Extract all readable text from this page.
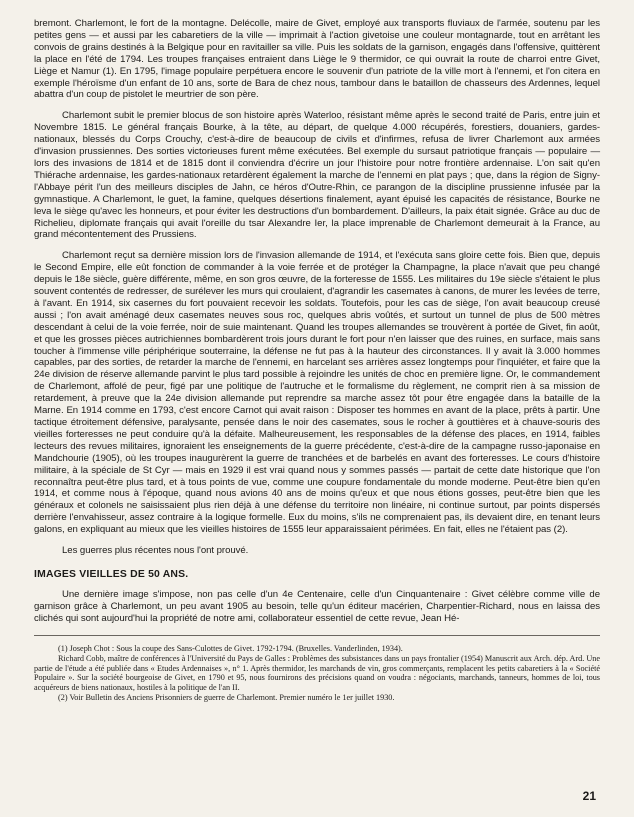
bremont. Charlemont, le fort de la montagne. Delécolle, maire de Givet, employé aux transports fluviaux de l'armée, soutenu par les petites gens — et aussi par les cabaretiers de la ville — imprimait à l'action givetoise une couleur montagnarde, tout en arrêtant les convois de grains destinés à la Belgique pour en ravitailler sa ville. Puis les soldats de la garnison, engagés dans l'offensive, quittèrent la place en l'été de 1794. Les troupes françaises entraient dans Liège le 9 thermidor, ce qui ouvrait la route de charroi entre Givet, Liège et Namur (1). En 1795, l'image populaire perpétuera encore le souvenir d'un patriote de la ville mort à l'ennemi, et l'on citera en exemple l'héroïsme d'un enfant de 10 ans, sorte de Bara de chez nous, tambour dans le bataillon de chasseurs des Ardennes, lequel abattra d'un coup de pistolet le meurtrier de son père.

Charlemont subit le premier blocus de son histoire après Waterloo, résistant même après le second traité de Paris, entre juin et Novembre 1815. Le général français Bourke, à la tête, au départ, de quelque 4.000 récupérés, forestiers, douaniers, gardes-nationaux, blessés du Corps Crouchy, c'est-à-dire de beaucoup de civils et d'infirmes, refusa de livrer Charlemont aux armées d'invasion prussiennes. Des sorties victorieuses furent même exécutées. Bel exemple du sursaut patriotique français — populaire — lors des invasions de 1814 et de 1815 dont il conviendra d'écrire un jour l'histoire pour notre frontière ardennaise. L'on sait qu'en Thiérache ardennaise, les gardes-nationaux retardèrent également la marche de l'ennemi en plat pays ; que, dans la région de Signy-l'Abbaye périt l'un des meilleurs disciples de Jahn, ce héros d'Outre-Rhin, ce parangon de la discipline prussienne infusée par la gymnastique. A Charlemont, le guet, la famine, quelques désertions finalement, ayant épuisé les capacités de résistance, Bourke ne leva le siège qu'avec les honneurs, et pour éviter les destructions d'un bombardement. D'ailleurs, la paix était signée. Grâce au duc de Richelieu, diplomate français qui avait l'oreille du tsar Alexandre Ier, la place imprenable de Charlemont demeurait à la France, au grand mécontentement des Prussiens.

Charlemont reçut sa dernière mission lors de l'invasion allemande de 1914, et l'exécuta sans gloire cette fois. Bien que, depuis le Second Empire, elle eût fonction de commander à la voie ferrée et de protéger la Champagne, la place n'avait que peu changé depuis le 18e siècle, guère différente, même, en son gros œuvre, de la forteresse de 1555. Les militaires du 19e siècle s'étaient le plus souvent contentés de redresser, de surélever les murs qui croulaient, d'agrandir les casemates à canons, de murer les levées de terre, à l'avant. En 1914, six casernes du fort pouvaient recevoir les soldats. Toutefois, pour les cas de siège, l'on avait beaucoup creusé aussi ; l'on avait aménagé deux casemates neuves sous roc, quelques abris voûtés, et surtout un tunnel de plus de 500 mètres descendant à celui de la voie ferrée, noir de suie maintenant. Quand les troupes allemandes se trouvèrent à portée de Givet, fin août, et que les grosses pièces autrichiennes bombardèrent trois jours durant le fort pour n'en laisser que des ruines, en surface, mais sans toucher à l'immense ville périphérique souterraine, la défense ne fut pas à la hauteur des circonstances. Il y avait là 3.000 hommes capables, par des sorties, de retarder la marche de l'ennemi, en harcelant ses arrières assez longtemps pour l'inquiéter, et faire que la 24e division de réserve allemande parvint le plus tard possible à rejoindre les unités de choc en première ligne. Or, le commandement de Charlemont, affolé de peur, figé par une politique de l'autruche et le formalisme du règlement, ne comprit rien à sa mission de retardement, à preuve que la 24e division allemande put reprendre sa marche assez tôt pour être engagée dans la bataille de la Marne. En 1914 comme en 1793, c'est encore Carnot qui avait raison : Disposer tes hommes en avant de la place, prêts à partir. Une tactique étroitement défensive, paralysante, pensée dans le noir des casemates, sous le rocher à gouttières et à chauve-souris des vieilles forteresses ne peut conduire qu'à la défaite. Malheureusement, les responsables de la défense des places, en 1914, faibles lecteurs des revues militaires, ignoraient les enseignements de la guerre précédente, c'est-à-dire de la campagne russo-japonaise en Mandchourie (1905), où les troupes inaugurèrent la guerre de tranchées et de barbelés en avant des forteresses. Le cours d'histoire militaire, à la spéciale de St Cyr — mais en 1929 il est vrai quand nous y sommes passés — partait de cette date historique que l'on reconnaîtra peut-être plus tard, et à tous points de vue, comme une coupure fondamentale du monde moderne. Peut-être bien qu'en 1914, et comme nous à l'époque, quand nous avions 40 ans de moins qu'eux et que nous étions gosses, peut-être bien que les généraux et colonels ne saisissaient plus rien déjà à une défense du territoire non linéaire, ni continue surtout, par points dispersés derrière l'envahisseur, assez contraire à la logique formelle. Eux du moins, s'ils ne comprenaient pas, ils devaient dire, en tenant leurs galons, en expliquant au mieux que les vieilles histoires de 1555 leur apparaissaient périmées. En fait, elles ne l'étaient pas (2).

Les guerres plus récentes nous l'ont prouvé.

IMAGES VIEILLES DE 50 ANS.

Une dernière image s'impose, non pas celle d'un 4e Centenaire, celle d'un Cinquantenaire : Givet célèbre comme ville de garnison grâce à Charlemont, un peu avant 1905 au besoin, telle qu'un éditeur macérien, Charpentier-Richard, nous en laissa des clichés qui sont aujourd'hui la propriété de notre ami, collaborateur essentiel de cette revue, Jean Hé-

(1) Joseph Chot : Sous la coupe des Sans-Culottes de Givet. 1792-1794. (Bruxelles. Vanderlinden, 1934).

Richard Cobb, maître de conférences à l'Université du Pays de Galles : Problèmes des subsistances dans un pays frontalier (1954) Manuscrit aux Arch. dép. Ard. Une partie de l'étude a été publiée dans « Etudes Ardennaises », n° 1. Après thermidor, les marchands de vin, gros commerçants, remplacent les petits cabaretiers à la « Société Populaire ». Sur la société bourgeoise de Givet, en 1790 et 95, nous fournirons des précisions quand on voudra : négociants, marchands, tanneurs, hommes de loi, tous acquéreurs de biens nationaux, hostiles à la politique de l'an II.

(2) Voir Bulletin des Anciens Prisonniers de guerre de Charlemont. Premier numéro le 1er juillet 1930.

21
